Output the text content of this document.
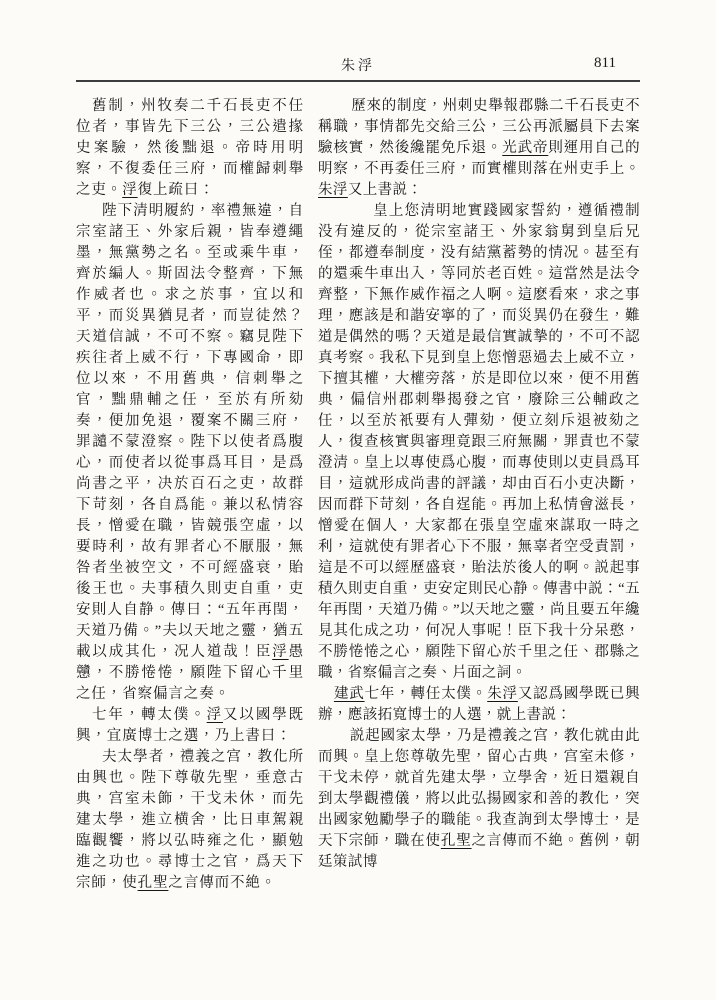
朱浮	811

舊制，州牧奏二千石長吏不任位者，事皆先下三公，三公遣掾史案驗，然後黜退。帝時用明察，不復委任三府，而權歸刺舉之吏。浮復上疏曰：

陛下清明履約，率禮無違，自宗室諸王、外家后親，皆奉遵繩墨，無黨勢之名。至或乘牛車，齊於編人。斯固法令整齊，下無作威者也。求之於事，宜以和平，而災異猶見者，而豈徒然？天道信誠，不可不察。竊見陛下疾往者上威不行，下專國命，即位以來，不用舊典，信刺舉之官，黜鼎輔之任，至於有所劾奏，便加免退，覆案不關三府，罪譴不蒙澄察。陛下以使者爲腹心，而使者以從事爲耳目，是爲尚書之平，决於百石之吏，故群下苛刻，各自爲能。兼以私情容長，憎愛在職，皆競張空虛，以要時利，故有罪者心不厭服，無咎者坐被空文，不可經盛衰，貽後王也。夫事積久則吏自重，吏安則人自静。傳曰：“五年再閏，天道乃備。”夫以天地之靈，猶五載以成其化，况人道哉！臣浮愚戇，不勝惓惓，願陛下留心千里之任，省察偏言之奏。

七年，轉太僕。浮又以國學既興，宜廣博士之選，乃上書曰：

夫太學者，禮義之宫，教化所由興也。陛下尊敬先聖，垂意古典，宫室未飾，干戈未休，而先建太學，進立横舍，比日車駕親臨觀饗，將以弘時雍之化，顯勉進之功也。尋博士之官，爲天下宗師，使孔聖之言傳而不絶。

歷來的制度，州刺史舉報郡縣二千石長吏不稱職，事情都先交給三公，三公再派屬員下去案驗核實，然後纔罷免斥退。光武帝則運用自己的明察，不再委任三府，而實權則落在州吏手上。朱浮又上書説：

皇上您清明地實踐國家誓約，遵循禮制没有違反的，從宗室諸王、外家翁舅到皇后兄侄，都遵奉制度，没有結黨蓄勢的情况。甚至有的還乘牛車出入，等同於老百姓。這當然是法令齊整，下無作威作福之人啊。這麽看來，求之事理，應該是和諧安寧的了，而災異仍在發生，難道是偶然的嗎？天道是最信實誠摯的，不可不認真考察。我私下見到皇上您憎惡過去上威不立，下擅其權，大權旁落，於是即位以來，便不用舊典，偏信州郡刺舉揭發之官，廢除三公輔政之任，以至於衹要有人彈劾，便立刻斥退被劾之人，復查核實與審理竟跟三府無關，罪責也不蒙澄清。皇上以專使爲心腹，而專使則以吏員爲耳目，這就形成尚書的評議，却由百石小吏决斷，因而群下苛刻，各自逞能。再加上私情會滋長，憎愛在個人，大家都在張皇空虛來謀取一時之利，這就使有罪者心下不服，無辜者空受責罰，這是不可以經歷盛衰，貽法於後人的啊。説起事積久則吏自重，吏安定則民心静。傳書中説：“五年再閏，天道乃備。”以天地之靈，尚且要五年纔見其化成之功，何况人事呢！臣下我十分呆憨，不勝惓惓之心，願陛下留心於千里之任、郡縣之職，省察偏言之奏、片面之詞。

建武七年，轉任太僕。朱浮又認爲國學既已興辦，應該拓寬博士的人選，就上書説：

説起國家太學，乃是禮義之宫，教化就由此而興。皇上您尊敬先聖，留心古典，宫室未修，干戈未停，就首先建太學，立學舍，近日還親自到太學觀禮儀，將以此弘揚國家和善的教化，突出國家勉勵學子的職能。我查詢到太學博士，是天下宗師，職在使孔聖之言傳而不絶。舊例，朝廷策試博
